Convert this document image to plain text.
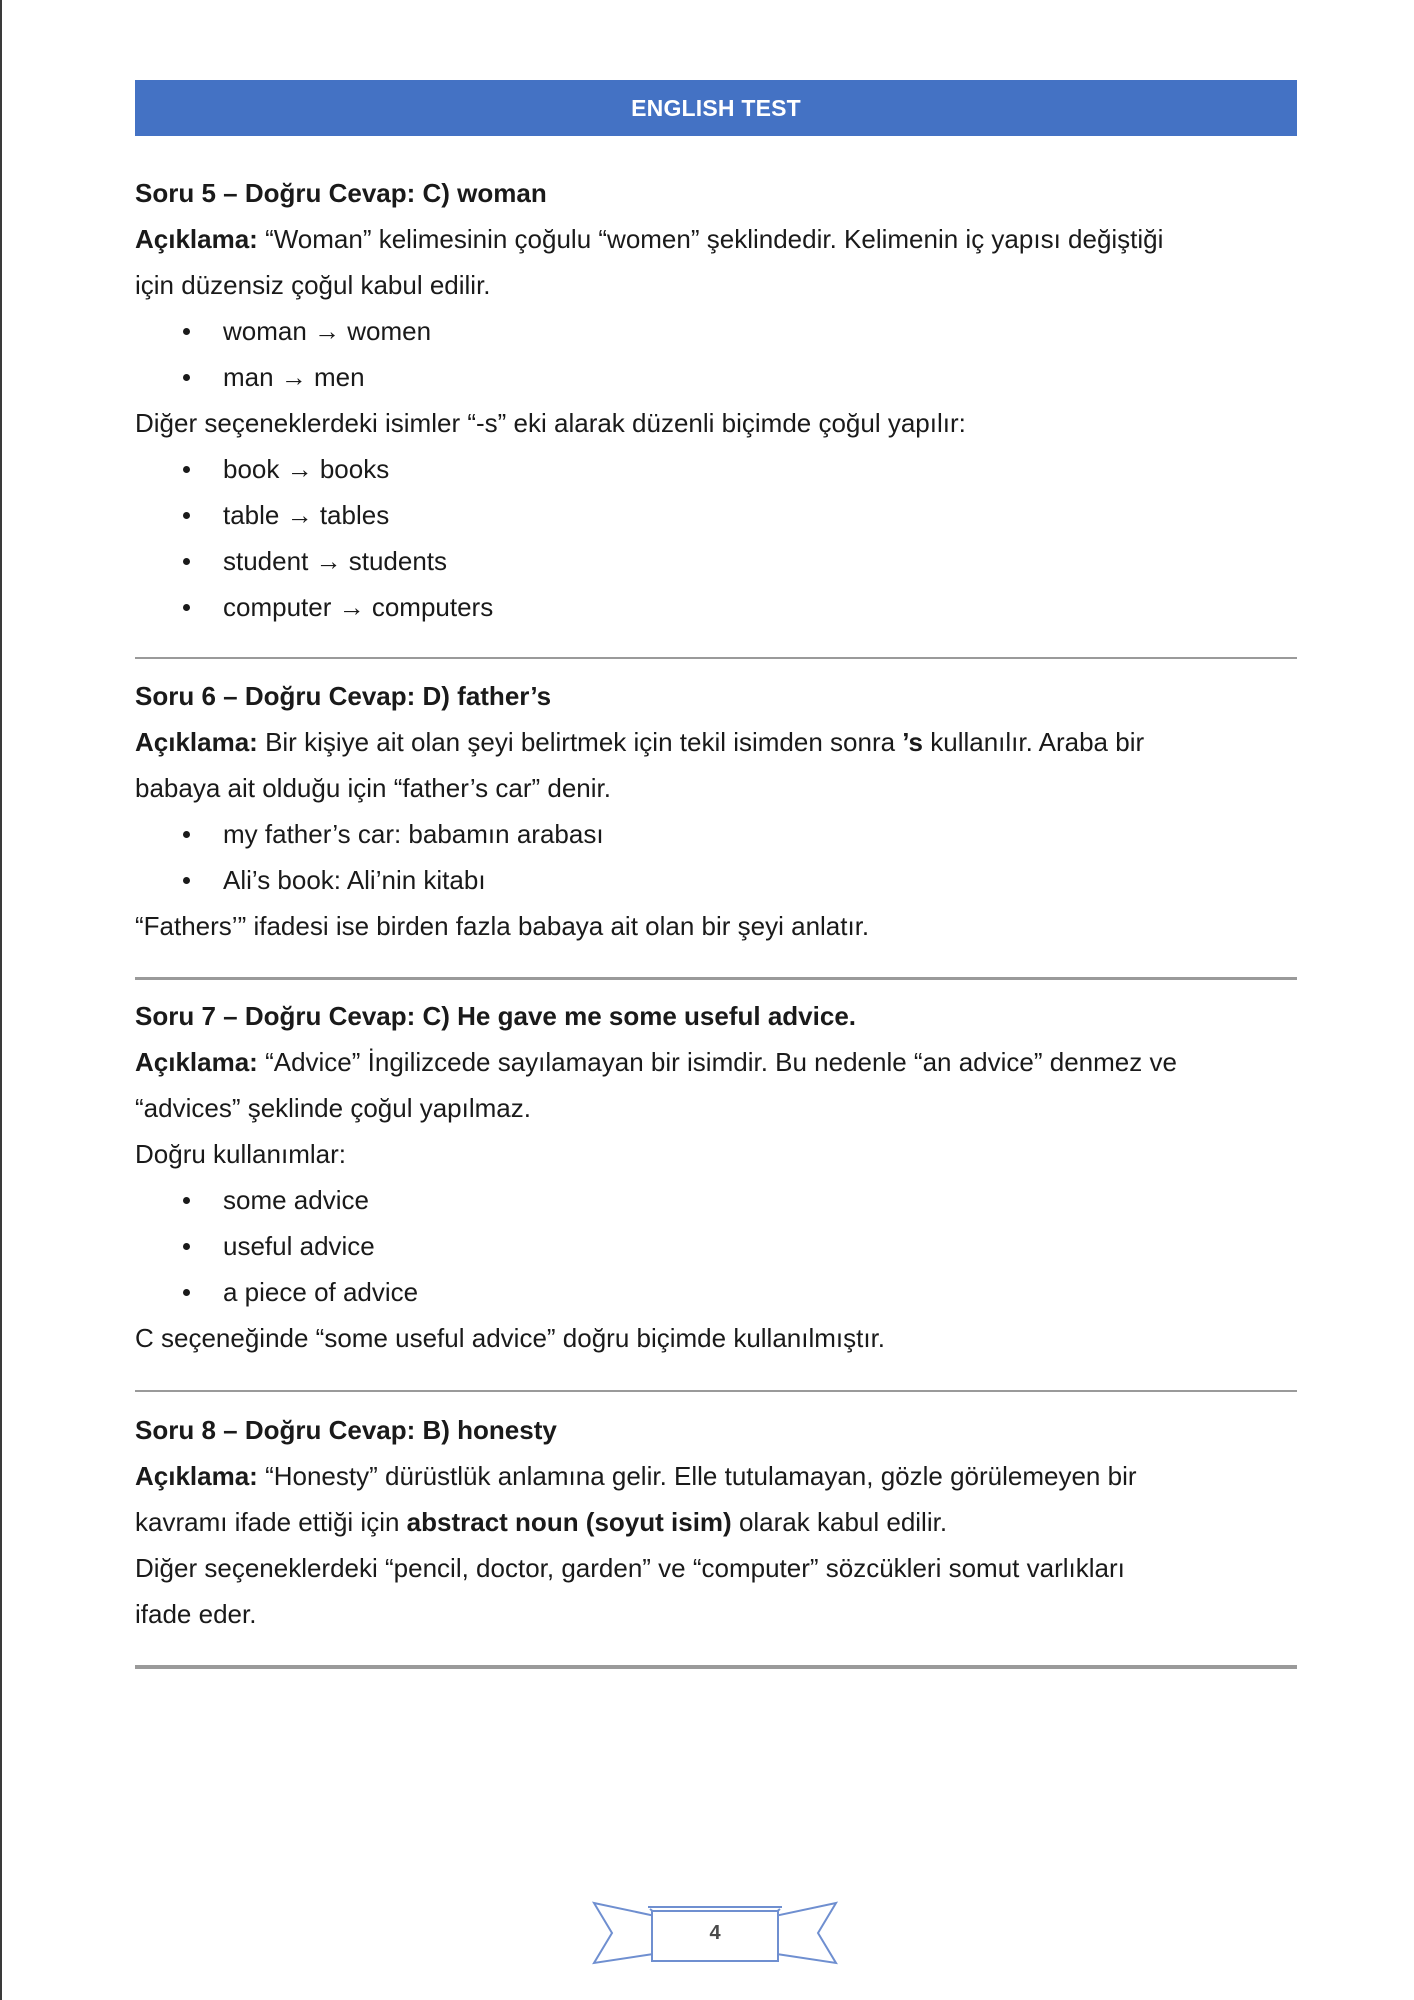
ENGLISH TEST
Soru 5 – Doğru Cevap: C) woman
Açıklama: “Woman” kelimesinin çoğulu “women” şeklindedir. Kelimenin iç yapısı değiştiği
için düzensiz çoğul kabul edilir.
woman → women
man → men
Diğer seçeneklerdeki isimler “-s” eki alarak düzenli biçimde çoğul yapılır:
book → books
table → tables
student → students
computer → computers
Soru 6 – Doğru Cevap: D) father’s
Açıklama: Bir kişiye ait olan şeyi belirtmek için tekil isimden sonra ’s kullanılır. Araba bir
babaya ait olduğu için “father’s car” denir.
my father’s car: babamın arabası
Ali’s book: Ali’nin kitabı
“Fathers’” ifadesi ise birden fazla babaya ait olan bir şeyi anlatır.
Soru 7 – Doğru Cevap: C) He gave me some useful advice.
Açıklama: “Advice” İngilizcede sayılamayan bir isimdir. Bu nedenle “an advice” denmez ve
“advices” şeklinde çoğul yapılmaz.
Doğru kullanımlar:
some advice
useful advice
a piece of advice
C seçeneğinde “some useful advice” doğru biçimde kullanılmıştır.
Soru 8 – Doğru Cevap: B) honesty
Açıklama: “Honesty” dürüstlük anlamına gelir. Elle tutulamayan, gözle görülemeyen bir
kavramı ifade ettiği için abstract noun (soyut isim) olarak kabul edilir.
Diğer seçeneklerdeki “pencil, doctor, garden” ve “computer” sözcükleri somut varlıkları
ifade eder.
4
